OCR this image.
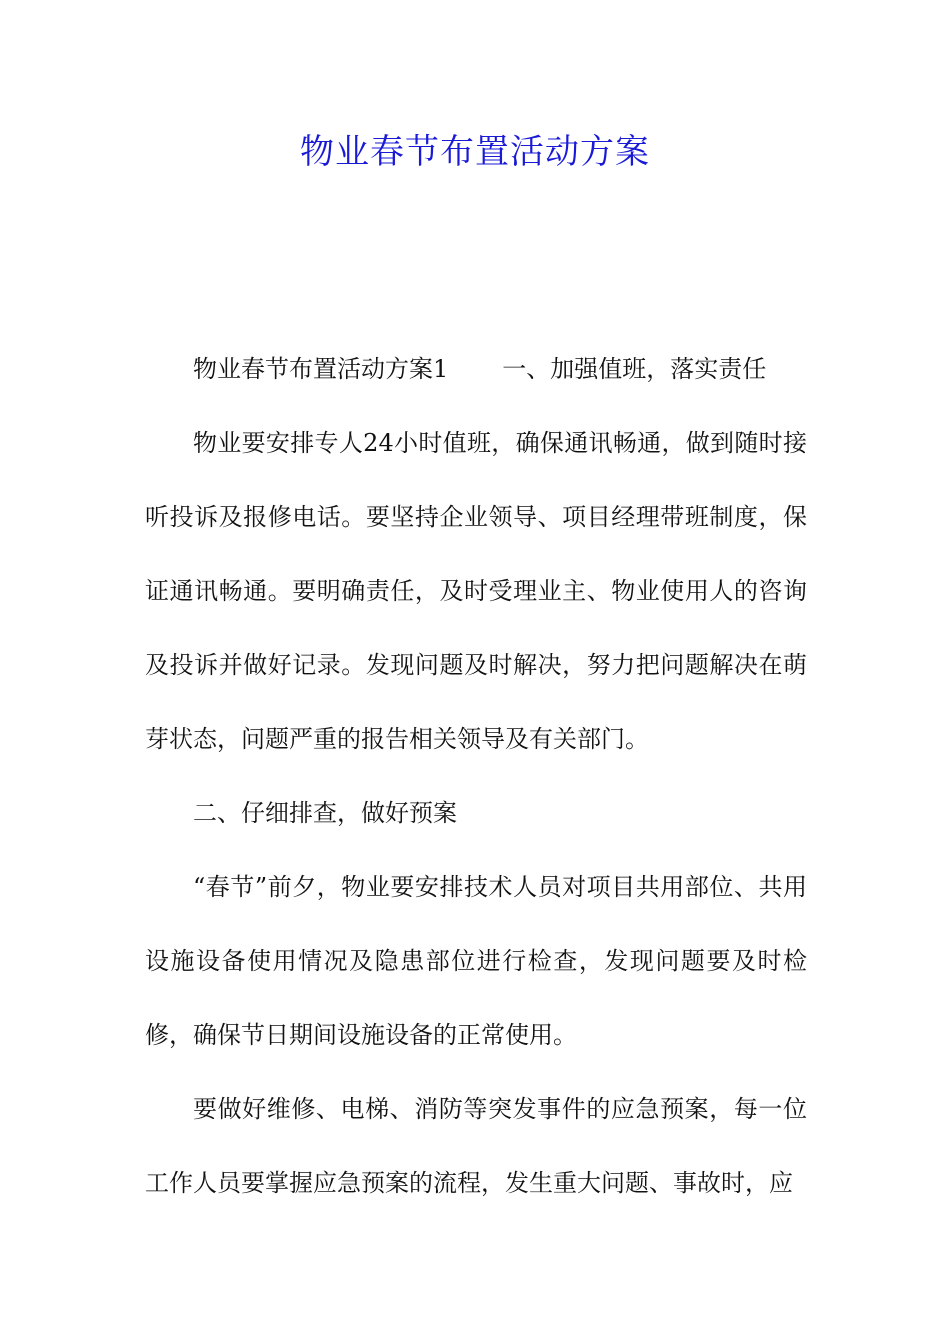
物业春节布置活动方案

物业春节布置活动方案1 一、加强值班，落实责任

物业要安排专人24小时值班，确保通讯畅通，做到随时接听投诉及报修电话。要坚持企业领导、项目经理带班制度，保证通讯畅通。要明确责任，及时受理业主、物业使用人的咨询及投诉并做好记录。发现问题及时解决，努力把问题解决在萌芽状态，问题严重的报告相关领导及有关部门。

二、仔细排查，做好预案

“春节”前夕，物业要安排技术人员对项目共用部位、共用设施设备使用情况及隐患部位进行检查，发现问题要及时检修，确保节日期间设施设备的正常使用。

要做好维修、电梯、消防等突发事件的应急预案，每一位工作人员要掌握应急预案的流程，发生重大问题、事故时，应
